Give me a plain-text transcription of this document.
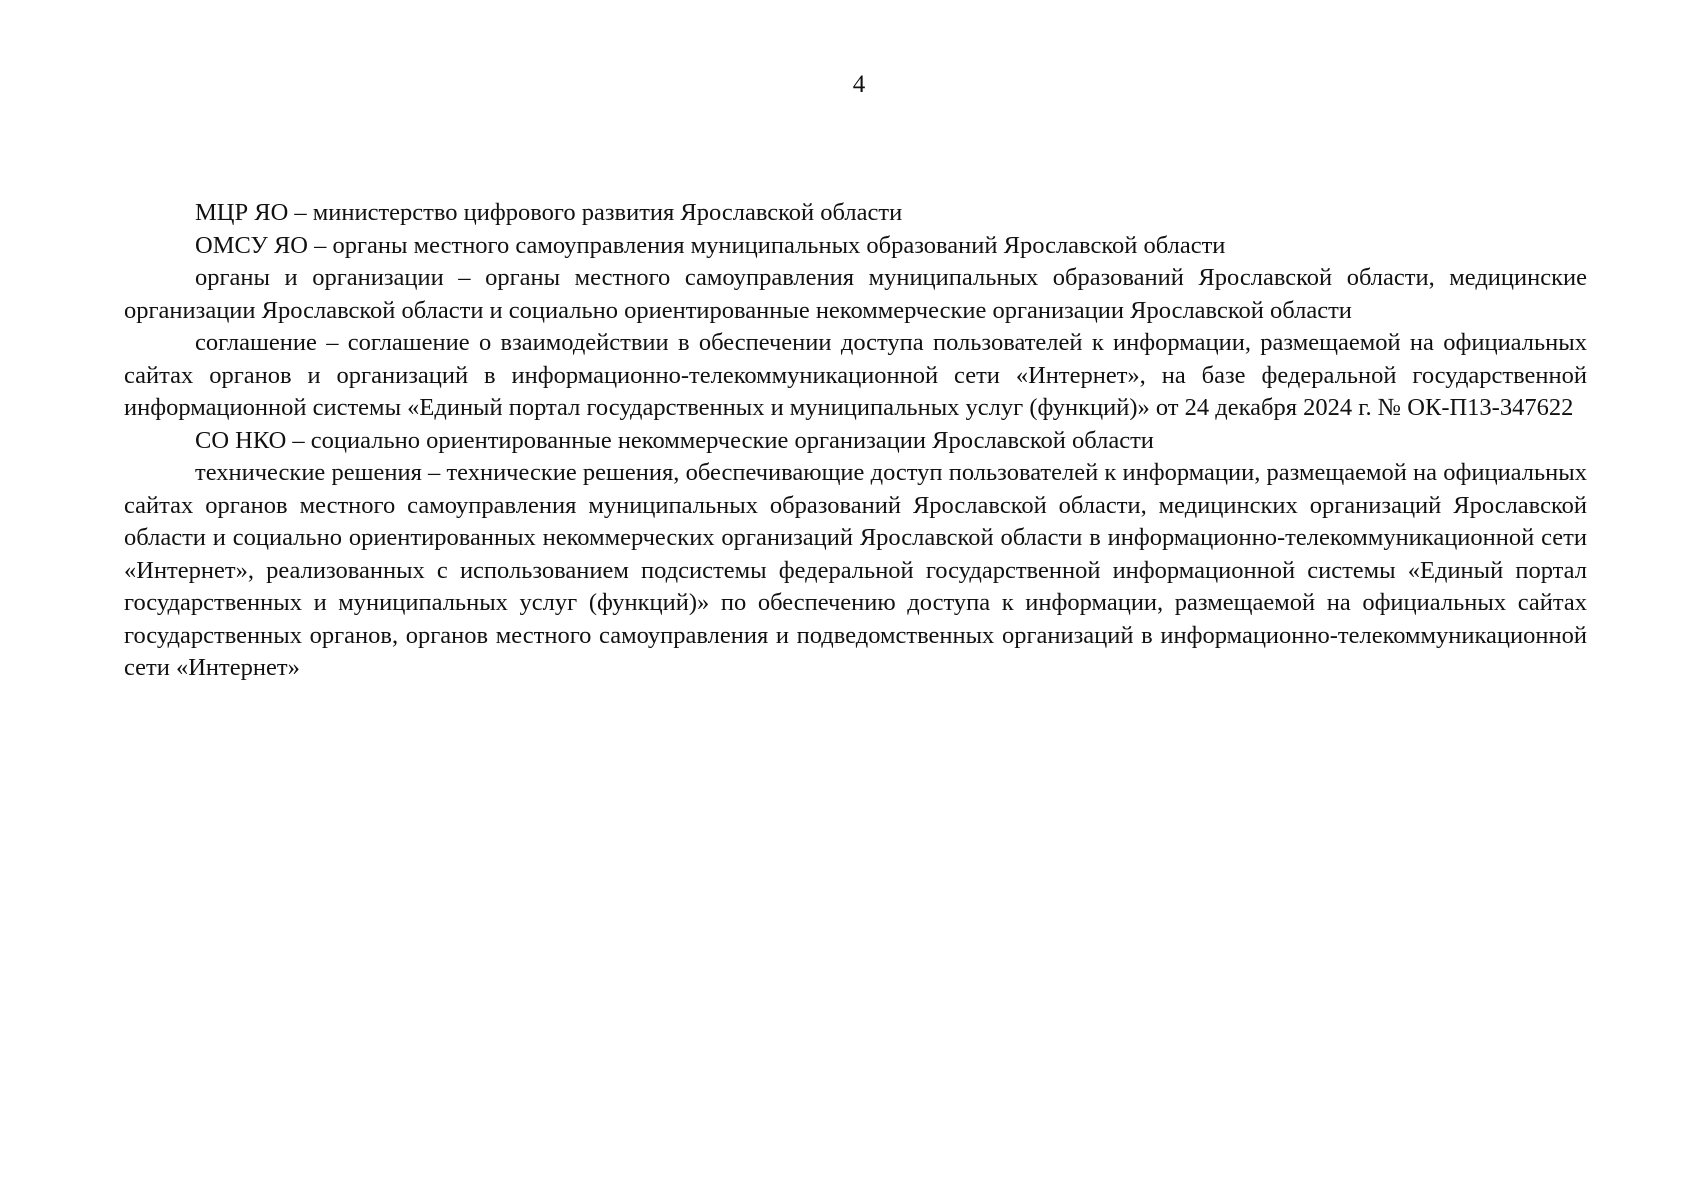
4

МЦР ЯО – министерство цифрового развития Ярославской области

ОМСУ ЯО – органы местного самоуправления муниципальных образований Ярославской области

органы и организации – органы местного самоуправления муниципальных образований Ярославской области, медицинские организации Ярославской области и социально ориентированные некоммерческие организации Ярославской области

соглашение – соглашение о взаимодействии в обеспечении доступа пользователей к информации, размещаемой на официальных сайтах органов и организаций в информационно-телекоммуникационной сети «Интернет», на базе федеральной государственной информационной системы «Единый портал государственных и муниципальных услуг (функций)» от 24 декабря 2024 г. № ОК-П13-347622

СО НКО – социально ориентированные некоммерческие организации Ярославской области

технические решения – технические решения, обеспечивающие доступ пользователей к информации, размещаемой на официальных сайтах органов местного самоуправления муниципальных образований Ярославской области, медицинских организаций Ярославской области и социально ориентированных некоммерческих организаций Ярославской области в информационно-телекоммуникационной сети «Интернет», реализованных с использованием подсистемы федеральной государственной информационной системы «Единый портал государственных и муниципальных услуг (функций)» по обеспечению доступа к информации, размещаемой на официальных сайтах государственных органов, органов местного самоуправления и подведомственных организаций в информационно-телекоммуникационной сети «Интернет»
